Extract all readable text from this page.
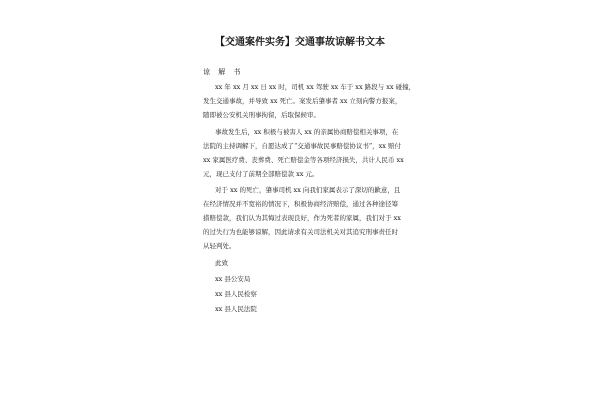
【交通案件实务】交通事故谅解书文本
谅 解 书
xx 年 xx 月 xx 日 xx 时，司机 xx 驾驶 xx 车于 xx 路段与 xx 碰撞，
发生交通事故，并导致 xx 死亡。案发后肇事者 xx 立刻向警方报案，
随即被公安机关刑事拘留，后取保候审。
事故发生后，xx 积极与被害人 xx 的亲属协商赔偿相关事项，在
法院的主持调解下，自愿达成了“交通事故民事赔偿协议书”，xx 赔付
xx 家属医疗费、丧葬费、死亡赔偿金等各项经济损失，共计人民币 xx
元，现已支付了前期全部赔偿款 xx 元。
对于 xx 的死亡，肇事司机 xx 向我们家属表示了深切的歉意，且
在经济情况并不宽裕的情况下，积极协商经济赔偿，通过各种途径筹
措赔偿款，我们认为其悔过表现良好，作为死者的家属，我们对于 xx
的过失行为也能够谅解，因此请求有关司法机关对其追究刑事责任时
从轻判处。
此致
xx 县公安局
xx 县人民检察
xx 县人民法院
